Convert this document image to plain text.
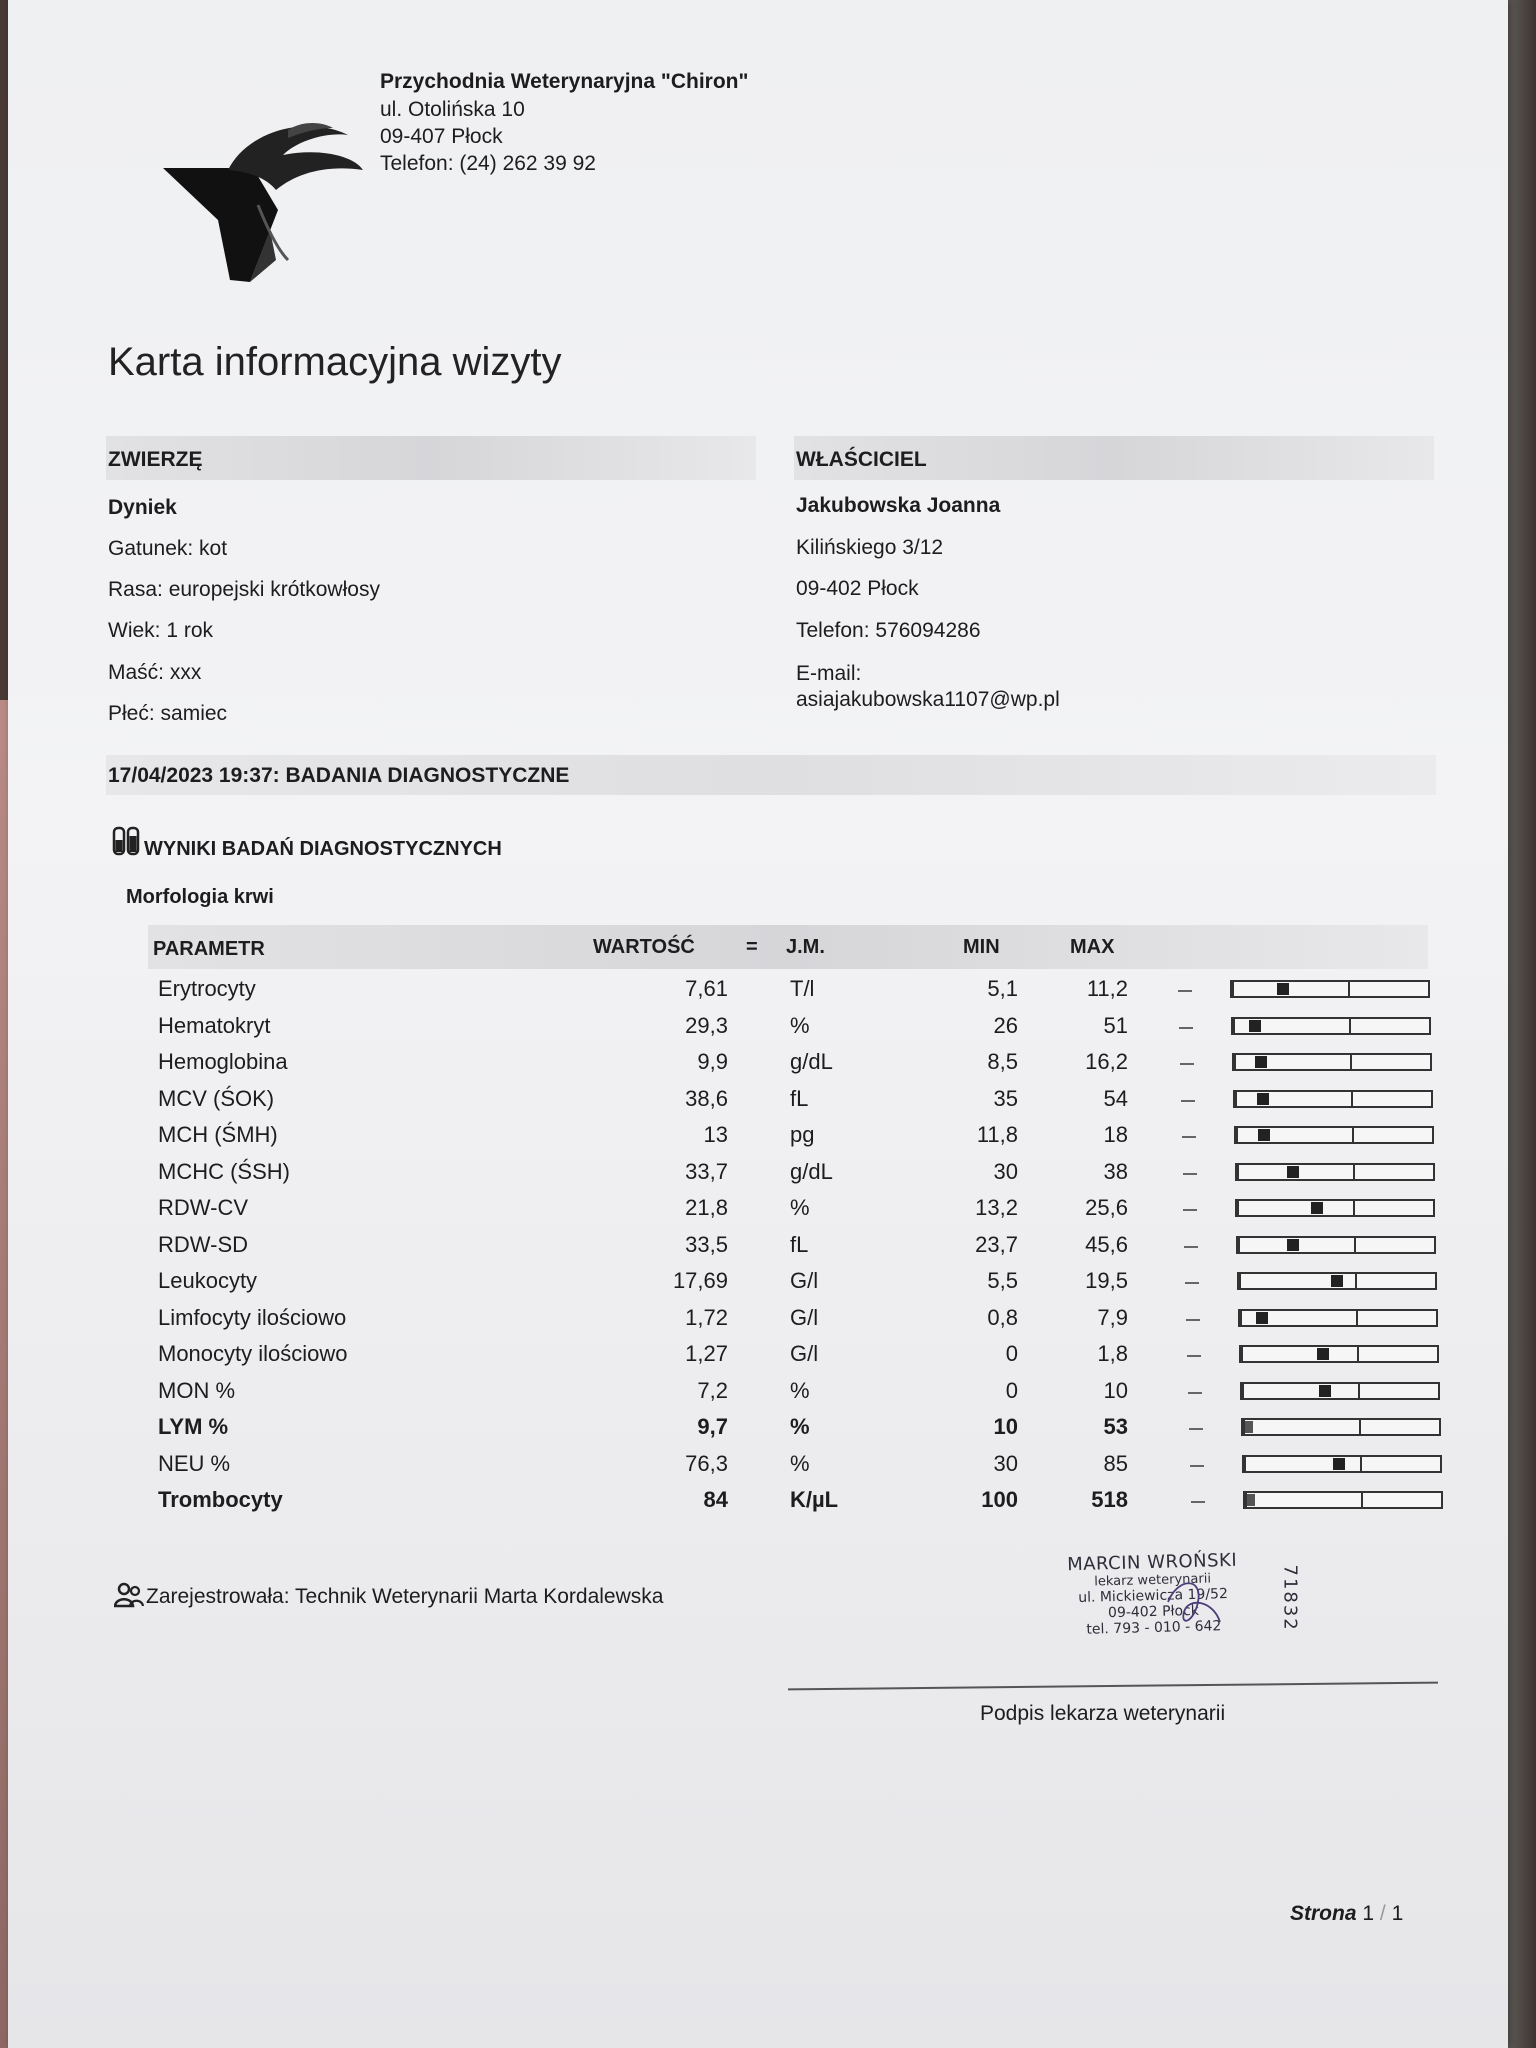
Przychodnia Weterynaryjna "Chiron"
ul. Otolińska 10
09-407 Płock
Telefon: (24) 262 39 92
Karta informacyjna wizyty
ZWIERZĘ
Dyniek
Gatunek: kot
Rasa: europejski krótkowłosy
Wiek: 1 rok
Maść: xxx
Płeć: samiec
WŁAŚCICIEL
Jakubowska Joanna
Kilińskiego 3/12
09-402 Płock
Telefon: 576094286
E-mail:
asiajakubowska1107@wp.pl
17/04/2023 19:37: BADANIA DIAGNOSTYCZNE
WYNIKI BADAŃ DIAGNOSTYCZNYCH
Morfologia krwi
PARAMETR	WARTOŚĆ	= J.M.	MIN	MAX
Erytrocyty	7,61	T/l	5,1	11,2
Hematokryt	29,3	%	26	51
Hemoglobina	9,9	g/dL	8,5	16,2
MCV (ŚOK)	38,6	fL	35	54
MCH (ŚMH)	13	pg	11,8	18
MCHC (ŚSH)	33,7	g/dL	30	38
RDW-CV	21,8	%	13,2	25,6
RDW-SD	33,5	fL	23,7	45,6
Leukocyty	17,69	G/l	5,5	19,5
Limfocyty ilościowo	1,72	G/l	0,8	7,9
Monocyty ilościowo	1,27	G/l	0	1,8
MON %	7,2	%	0	10
LYM %	9,7	%	10	53
NEU %	76,3	%	30	85
Trombocyty	84	K/µL	100	518
Zarejestrowała: Technik Weterynarii Marta Kordalewska
MARCIN WROŃSKI
lekarz weterynarii
ul. Mickiewicza 19/52
09-402 Płock
tel. 793 - 010 - 642	71832
Podpis lekarza weterynarii
Strona 1 / 1
